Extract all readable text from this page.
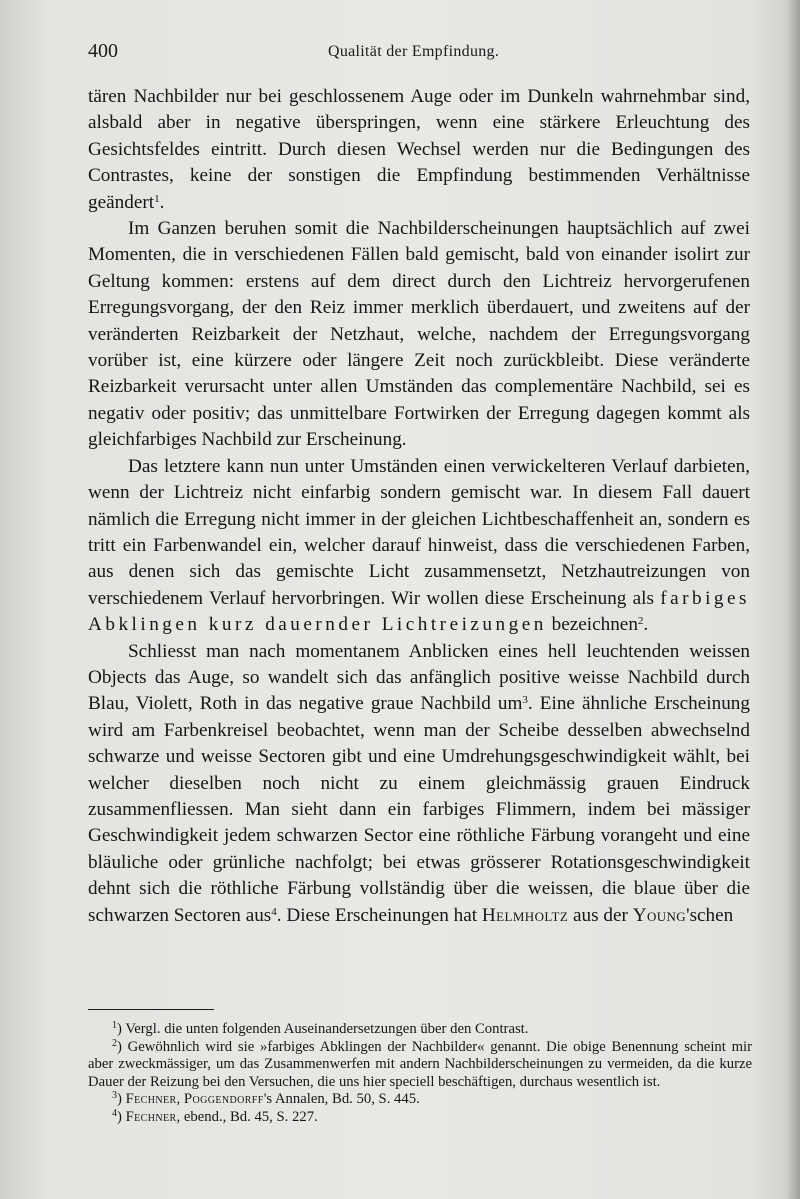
400	Qualität der Empfindung.

tären Nachbilder nur bei geschlossenem Auge oder im Dunkeln wahrnehmbar sind, alsbald aber in negative überspringen, wenn eine stärkere Erleuchtung des Gesichtsfeldes eintritt. Durch diesen Wechsel werden nur die Bedingungen des Contrastes, keine der sonstigen die Empfindung bestimmenden Verhältnisse geändert$^1$.

Im Ganzen beruhen somit die Nachbilderscheinungen hauptsächlich auf zwei Momenten, die in verschiedenen Fällen bald gemischt, bald von einander isolirt zur Geltung kommen: erstens auf dem direct durch den Lichtreiz hervorgerufenen Erregungsvorgang, der den Reiz immer merklich überdauert, und zweitens auf der veränderten Reizbarkeit der Netzhaut, welche, nachdem der Erregungsvorgang vorüber ist, eine kürzere oder längere Zeit noch zurückbleibt. Diese veränderte Reizbarkeit verursacht unter allen Umständen das complementäre Nachbild, sei es negativ oder positiv; das unmittelbare Fortwirken der Erregung dagegen kommt als gleichfarbiges Nachbild zur Erscheinung.

Das letztere kann nun unter Umständen einen verwickelteren Verlauf darbieten, wenn der Lichtreiz nicht einfarbig sondern gemischt war. In diesem Fall dauert nämlich die Erregung nicht immer in der gleichen Lichtbeschaffenheit an, sondern es tritt ein Farbenwandel ein, welcher darauf hinweist, dass die verschiedenen Farben, aus denen sich das gemischte Licht zusammensetzt, Netzhautreizungen von verschiedenem Verlauf hervorbringen. Wir wollen diese Erscheinung als farbiges Abklingen kurz dauernder Lichtreizungen bezeichnen$^2$.

Schliesst man nach momentanem Anblicken eines hell leuchtenden weissen Objects das Auge, so wandelt sich das anfänglich positive weisse Nachbild durch Blau, Violett, Roth in das negative graue Nachbild $um^3$. Eine ähnliche Erscheinung wird am Farbenkreisel beobachtet, wenn man der Scheibe desselben abwechselnd schwarze und weisse Sectoren gibt und eine Umdrehungsgeschwindigkeit wählt, bei welcher dieselben noch nicht zu einem gleichmässig grauen Eindruck zusammenfliessen. Man sieht dann ein farbiges Flimmern, indem bei mässiger Geschwindigkeit jedem schwarzen Sector eine röthliche Färbung vorangeht und eine bläuliche oder grünliche nachfolgt; bei etwas grösserer Rotationsgeschwindigkeit dehnt sich die röthliche Färbung vollständig über die weissen, die blaue über die schwarzen Sectoren aus$^4$. Diese Erscheinungen hat Helmholtz aus der Young'schen

$^1$) Vergl. die unten folgenden Auseinandersetzungen über den Contrast.

$^2$) Gewöhnlich wird sie »farbiges Abklingen der Nachbilder« genannt. Die obige Benennung scheint mir aber zweckmässiger, um das Zusammenwerfen mit andern Nachbilderscheinungen zu vermeiden, da die kurze Dauer der Reizung bei den Versuchen, die uns hier speciell beschäftigen, durchaus wesentlich ist.

$^3$) Fechner, Poggendorff's Annalen, Bd. 50, S. 445.

$^4$) Fechner, ebend., Bd. 45, S. 227.
